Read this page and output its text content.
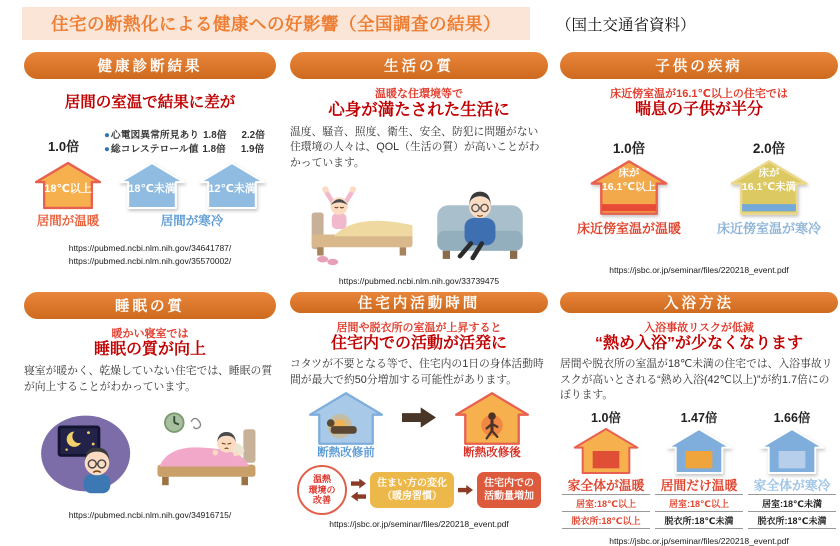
住宅の断熱化による健康への好影響（全国調査の結果）	（国土交通省資料）
健康診断結果
居間の室温で結果に差が
1.0倍
● 心電図異常所見あり 1.8倍 2.2倍
● 総コレステロール値 1.8倍 1.9倍
18℃以上
居間が温暖
18℃未満	12℃未満
居間が寒冷
https://pubmed.ncbi.nlm.nih.gov/34641787/
https://pubmed.ncbi.nlm.nih.gov/35570002/
生活の質
温暖な住環境等で
心身が満たされた生活に
温度、騒音、照度、衛生、安全、防犯に問題がない住環境の人々は、QOL（生活の質）が高いことがわかっています。
https://pubmed.ncbi.nlm.nih.gov/33739475
子供の疾病
床近傍室温が16.1℃以上の住宅では
喘息の子供が半分
1.0倍
床が
16.1℃以上
床近傍室温が温暖
2.0倍
床が
16.1℃未満
床近傍室温が寒冷
https://jsbc.or.jp/seminar/files/220218_event.pdf
睡眠の質
暖かい寝室では
睡眠の質が向上
寝室が暖かく、乾燥していない住宅では、睡眠の質が向上することがわかっています。
https://pubmed.ncbi.nlm.nih.gov/34916715/
住宅内活動時間
居間や脱衣所の室温が上昇すると
住宅内での活動が活発に
コタツが不要となる等で、住宅内の1日の身体活動時間が最大で約50分増加する可能性があります。
断熱改修前	断熱改修後
温熱
環境の
改善
住まい方の変化
（暖房習慣）
住宅内での
活動量増加
https://jsbc.or.jp/seminar/files/220218_event.pdf
入浴方法
入浴事故リスクが低減
“熱め入浴”が少なくなります
居間や脱衣所の室温が18℃未満の住宅では、入浴事故リスクが高いとされる“熱め入浴(42℃以上)”が約1.7倍にのぼります。
1.0倍
家全体が温暖
居室:18℃以上
脱衣所:18℃以上
1.47倍
居間だけ温暖
居室:18℃以上
脱衣所:18℃未満
1.66倍
家全体が寒冷
居室:18℃未満
脱衣所:18℃未満
https://jsbc.or.jp/seminar/files/220218_event.pdf
